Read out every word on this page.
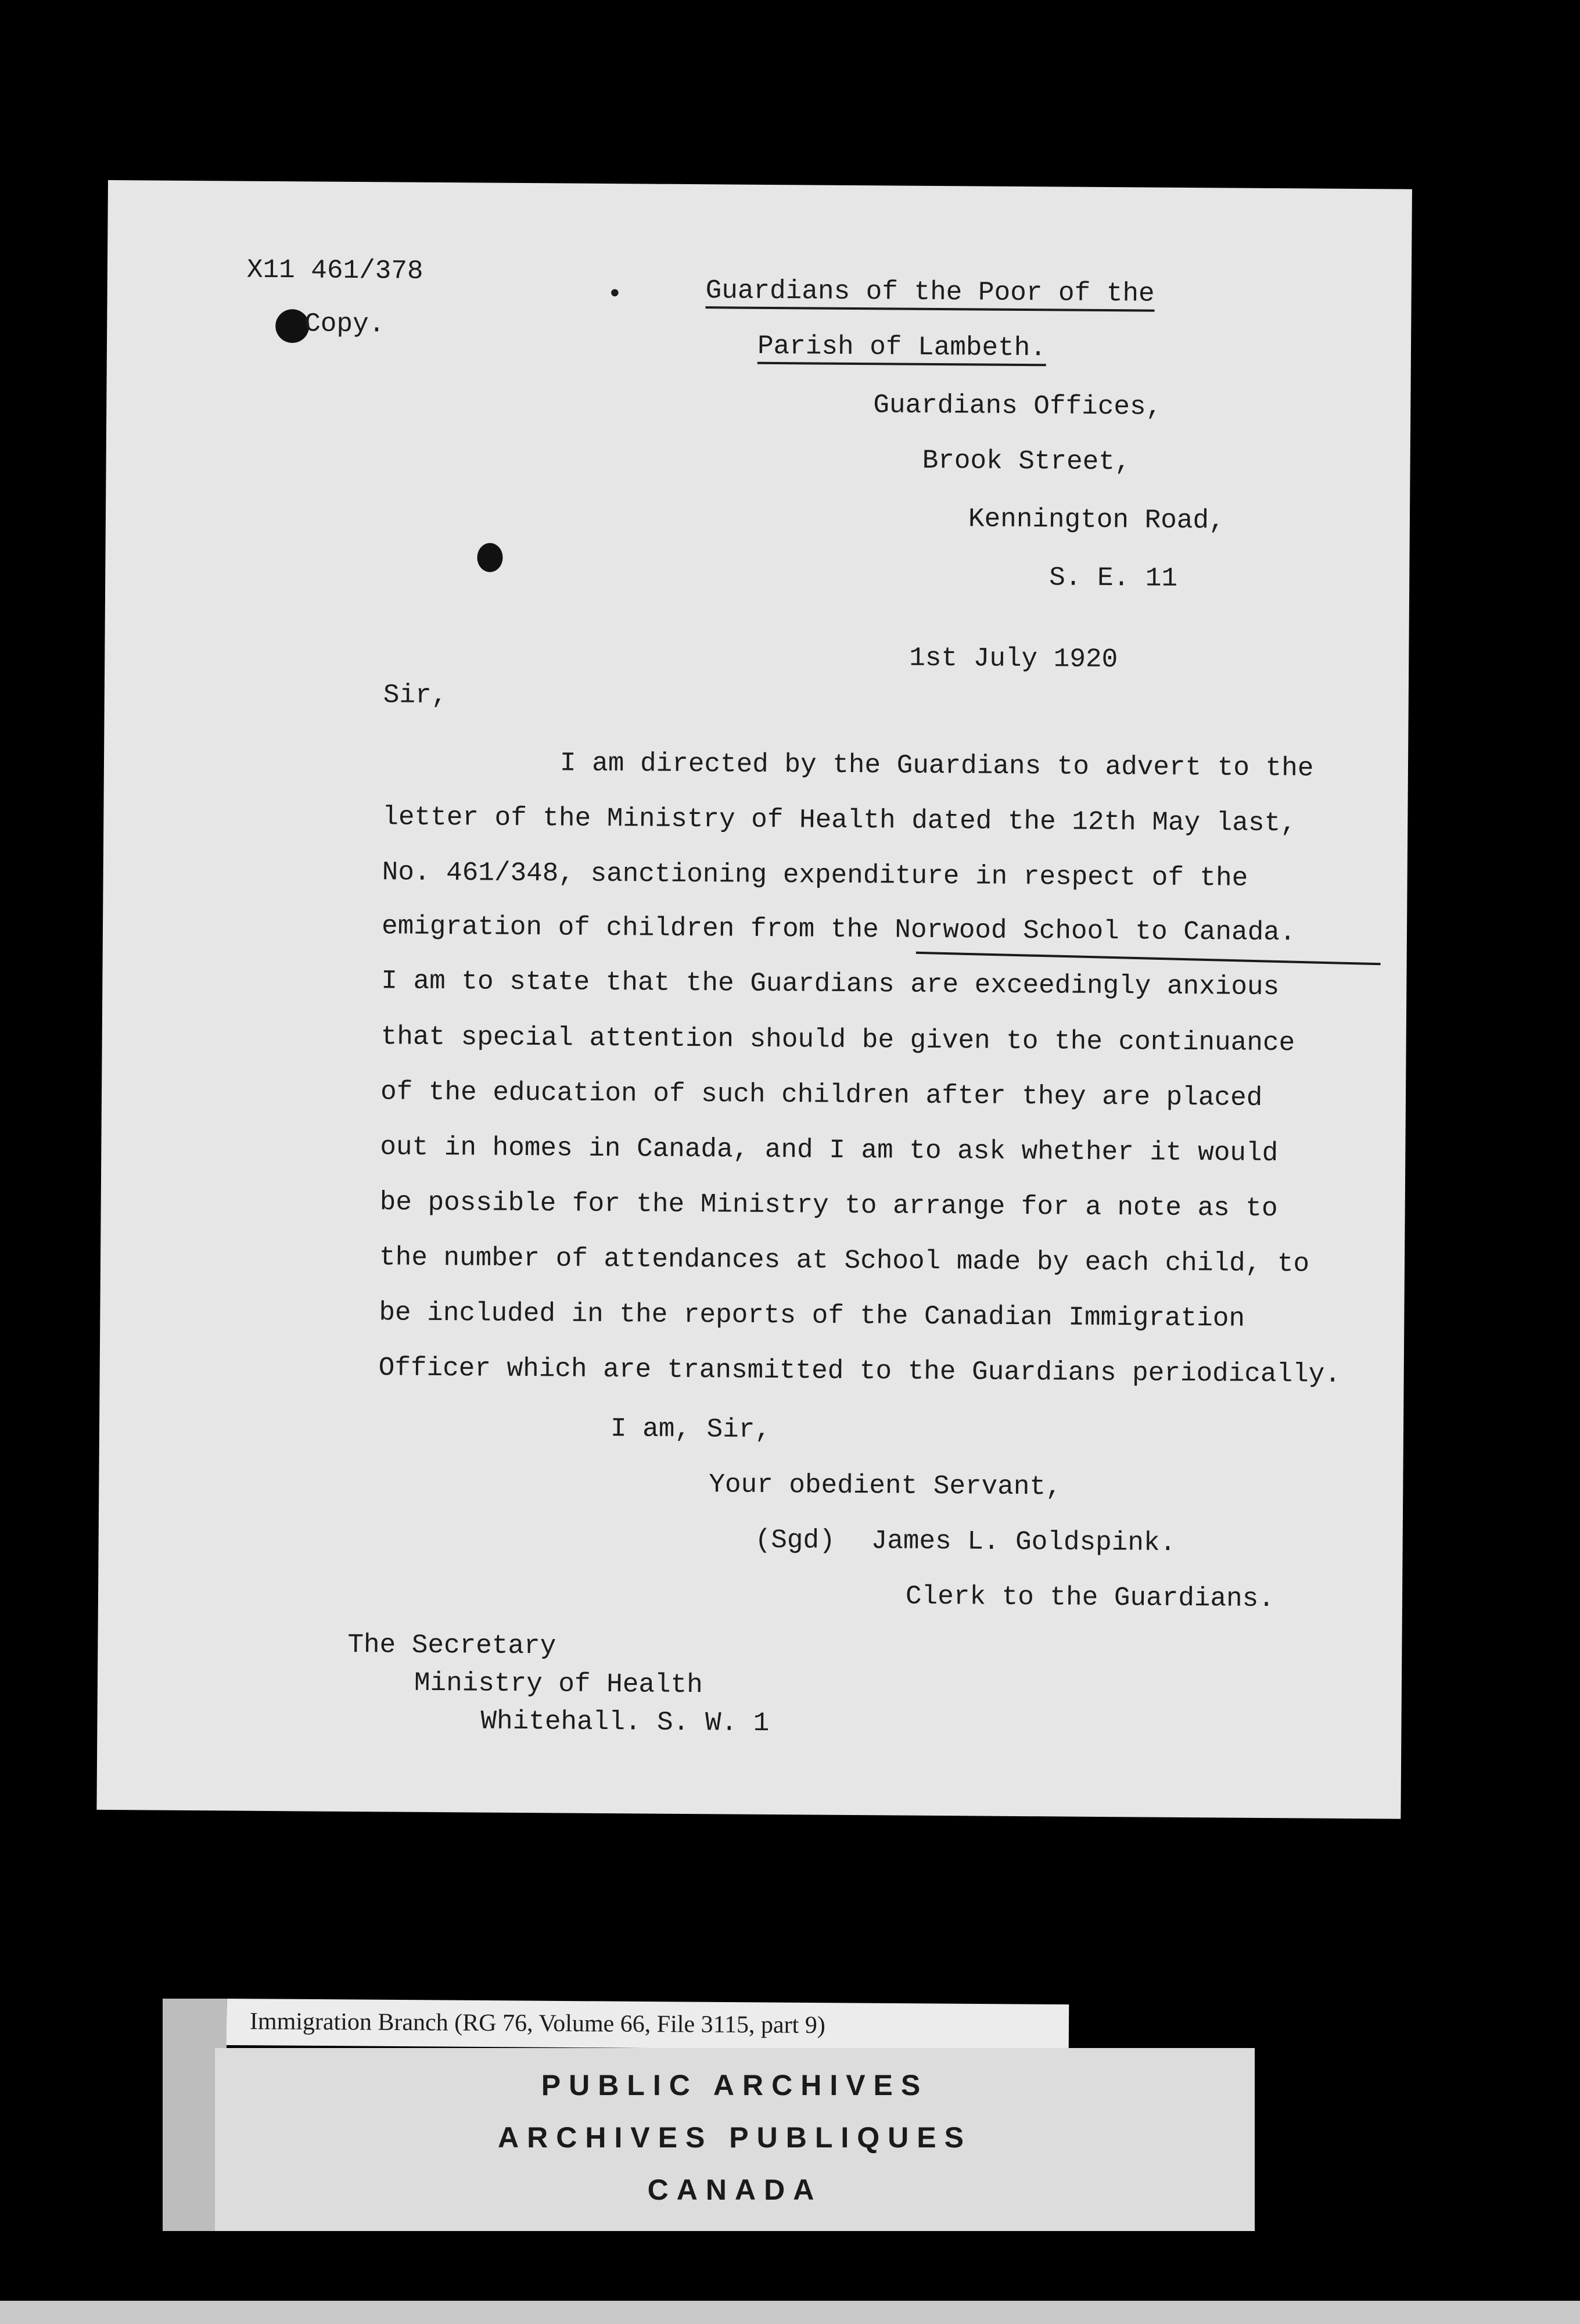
X11 461/378
Copy.
•	Guardians of the Poor of the
Parish of Lambeth.
Guardians Offices,
Brook Street,
Kennington Road,
S. E. 11
1st July 1920
Sir,
I am directed by the Guardians to advert to the
letter of the Ministry of Health dated the 12th May last,
No. 461/348, sanctioning expenditure in respect of the
emigration of children from the Norwood School to Canada.
I am to state that the Guardians are exceedingly anxious
that special attention should be given to the continuance
of the education of such children after they are placed
out in homes in Canada, and I am to ask whether it would
be possible for the Ministry to arrange for a note as to
the number of attendances at School made by each child, to
be included in the reports of the Canadian Immigration
Officer which are transmitted to the Guardians periodically.
I am, Sir,
Your obedient Servant,
(Sgd) James L. Goldspink.
Clerk to the Guardians.
The Secretary
Ministry of Health
Whitehall. S. W. 1
Immigration Branch (RG 76, Volume 66, File 3115, part 9)
PUBLIC ARCHIVES
ARCHIVES PUBLIQUES
CANADA
